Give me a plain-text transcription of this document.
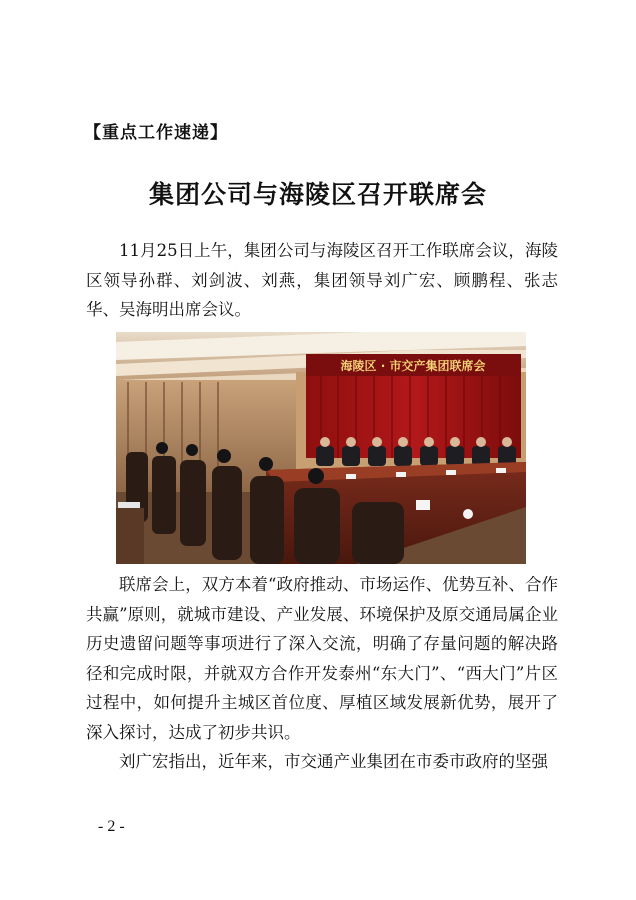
【重点工作速递】
集团公司与海陵区召开联席会

11月25日上午，集团公司与海陵区召开工作联席会议，海陵区领导孙群、刘剑波、刘燕，集团领导刘广宏、顾鹏程、张志华、吴海明出席会议。

海陵区 · 市交产集团联席会

联席会上，双方本着“政府推动、市场运作、优势互补、合作共赢”原则，就城市建设、产业发展、环境保护及原交通局属企业历史遗留问题等事项进行了深入交流，明确了存量问题的解决路径和完成时限，并就双方合作开发泰州“东大门”、“西大门”片区过程中，如何提升主城区首位度、厚植区域发展新优势，展开了深入探讨，达成了初步共识。

刘广宏指出，近年来，市交通产业集团在市委市政府的坚强

- 2 -
